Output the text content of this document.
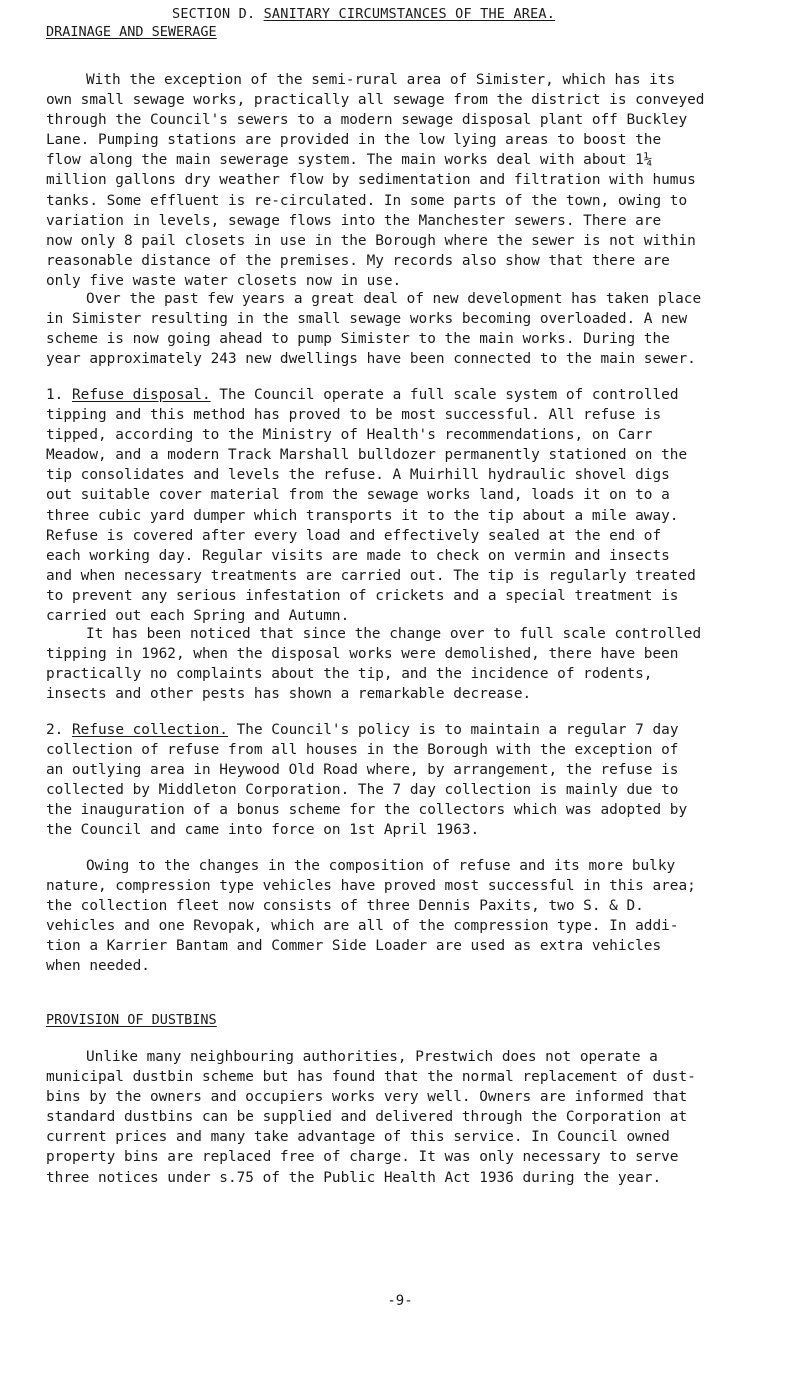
SECTION D. SANITARY CIRCUMSTANCES OF THE AREA.
DRAINAGE AND SEWERAGE
With the exception of the semi-rural area of Simister, which has its
own small sewage works, practically all sewage from the district is conveyed
through the Council's sewers to a modern sewage disposal plant off Buckley
Lane. Pumping stations are provided in the low lying areas to boost the
flow along the main sewerage system. The main works deal with about 1¼
million gallons dry weather flow by sedimentation and filtration with humus
tanks. Some effluent is re-circulated. In some parts of the town, owing to
variation in levels, sewage flows into the Manchester sewers. There are
now only 8 pail closets in use in the Borough where the sewer is not within
reasonable distance of the premises. My records also show that there are
only five waste water closets now in use.
Over the past few years a great deal of new development has taken place
in Simister resulting in the small sewage works becoming overloaded. A new
scheme is now going ahead to pump Simister to the main works. During the
year approximately 243 new dwellings have been connected to the main sewer.
1. Refuse disposal. The Council operate a full scale system of controlled
tipping and this method has proved to be most successful. All refuse is
tipped, according to the Ministry of Health's recommendations, on Carr
Meadow, and a modern Track Marshall bulldozer permanently stationed on the
tip consolidates and levels the refuse. A Muirhill hydraulic shovel digs
out suitable cover material from the sewage works land, loads it on to a
three cubic yard dumper which transports it to the tip about a mile away.
Refuse is covered after every load and effectively sealed at the end of
each working day. Regular visits are made to check on vermin and insects
and when necessary treatments are carried out. The tip is regularly treated
to prevent any serious infestation of crickets and a special treatment is
carried out each Spring and Autumn.
It has been noticed that since the change over to full scale controlled
tipping in 1962, when the disposal works were demolished, there have been
practically no complaints about the tip, and the incidence of rodents,
insects and other pests has shown a remarkable decrease.
2. Refuse collection. The Council's policy is to maintain a regular 7 day
collection of refuse from all houses in the Borough with the exception of
an outlying area in Heywood Old Road where, by arrangement, the refuse is
collected by Middleton Corporation. The 7 day collection is mainly due to
the inauguration of a bonus scheme for the collectors which was adopted by
the Council and came into force on 1st April 1963.
Owing to the changes in the composition of refuse and its more bulky
nature, compression type vehicles have proved most successful in this area;
the collection fleet now consists of three Dennis Paxits, two S. & D.
vehicles and one Revopak, which are all of the compression type. In addi-
tion a Karrier Bantam and Commer Side Loader are used as extra vehicles
when needed.
PROVISION OF DUSTBINS
Unlike many neighbouring authorities, Prestwich does not operate a
municipal dustbin scheme but has found that the normal replacement of dust-
bins by the owners and occupiers works very well. Owners are informed that
standard dustbins can be supplied and delivered through the Corporation at
current prices and many take advantage of this service. In Council owned
property bins are replaced free of charge. It was only necessary to serve
three notices under s.75 of the Public Health Act 1936 during the year.
-9-
